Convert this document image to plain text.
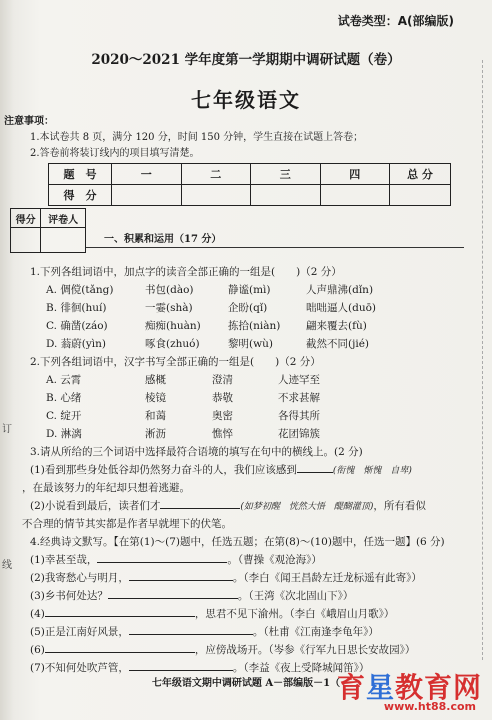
试卷类型：A(部编版)
2020～2021 学年度第一学期期中调研试题（卷）
七年级语文
注意事项：
1.本试卷共 8 页，满分 120 分，时间 150 分钟，学生直接在试题上答卷；
2.答卷前将装订线内的项目填写清楚。
题　号	一	二	三	四	总 分
得　分					
得分	评卷人

一、积累和运用（17 分）
1.下列各组词语中，加点字的读音全部正确的一组是(　　)（2 分）
A. 倜傥(tǎng)	书包(dào)	静谧(mì)	人声鼎沸(dǐn)
B. 徘徊(huí)	一霎(shà)	企盼(qǐ)	咄咄逼人(duō)
C. 确凿(záo)	痴痴(huàn)	拣拾(niàn) 翩来覆去(fù)
D. 蓊蔚(yìn)	啄食(zhuó)	黎明(wù)	截然不同(jié)
2.下列各组词语中，汉字书写全部正确的一组是(　　)（2 分）
A. 云霄	感概	澄清	人迹罕至
B. 心绪	棱镜	恭敬	不求甚解
C. 绽开	和蔼	奥密	各得其所
D. 淋漓	淅沥	憔悴	花团锦簇
3.请从所给的三个词语中选择最符合语境的填写在句中的横线上。(2 分)
(1)看到那些身处低谷却仍然努力奋斗的人，我们应该感到	(衔愧　惭愧　自卑)
，在最该努力的年纪却只想着逃避。
(2)小说看到最后，读者们才	(如梦初醒　恍然大悟　醍醐灌顶)，所有看似
不合理的情节其实都是作者早就埋下的伏笔。
4.经典诗文默写。【在第(1)～(7)题中，任选五题；在第(8)～(10)题中，任选一题】(6 分)
(1)幸甚至哉，	。（曹操《观沧海》）
(2)我寄愁心与明月，	。（李白《闻王昌龄左迁龙标遥有此寄》）
(3)乡书何处达？	。（王湾《次北固山下》）
(4)	，思君不见下渝州。（李白《峨眉山月歌》）
(5)正是江南好风景，	。（杜甫《江南逢李龟年》）
(6)	，应傍战场开。（岑参《行军九日思长安故园》）
(7)不知何处吹芦管，	。（李益《夜上受降城闻笛》）
七年级语文期中调研试题 A－部编版－1（
育星教育网
www.ht88.com
订
线
